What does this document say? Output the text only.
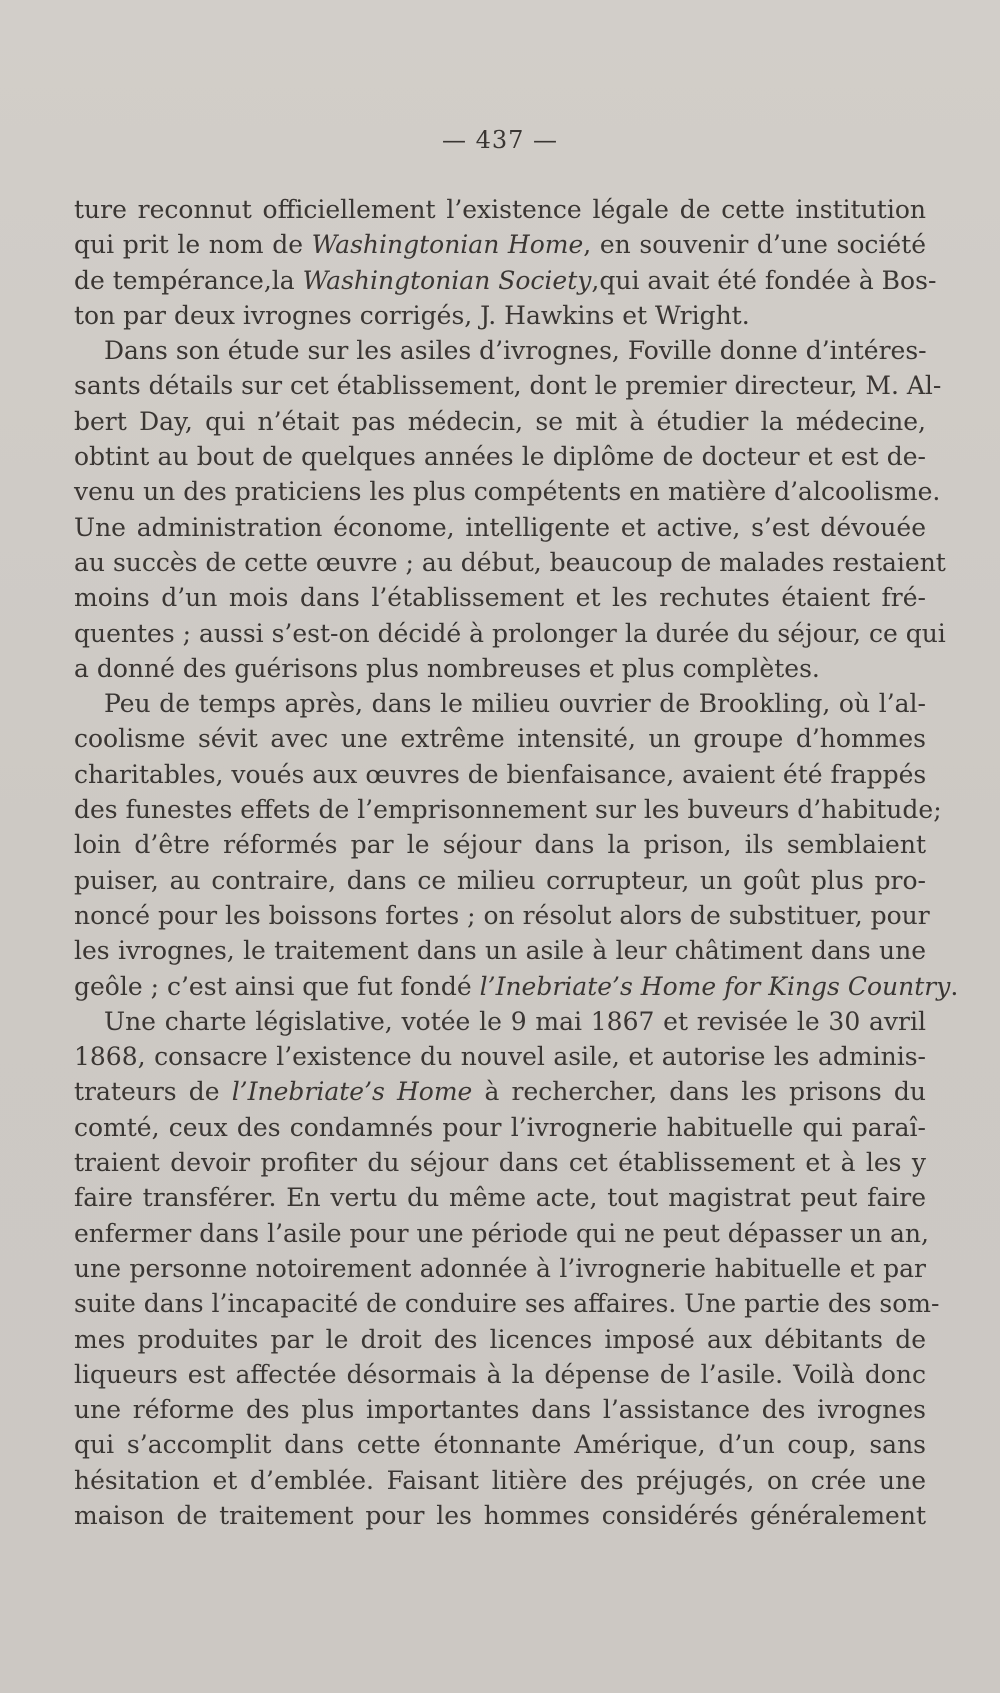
— 437 —
ture reconnut officiellement l’existence légale de cette institution
qui prit le nom de Washingtonian Home, en souvenir d’une société
de tempérance,la Washingtonian Society,qui avait été fondée à Bos-
ton par deux ivrognes corrigés, J. Hawkins et Wright.
Dans son étude sur les asiles d’ivrognes, Foville donne d’intéres-
sants détails sur cet établissement, dont le premier directeur, M. Al-
bert Day, qui n’était pas médecin, se mit à étudier la médecine,
obtint au bout de quelques années le diplôme de docteur et est de-
venu un des praticiens les plus compétents en matière d’alcoolisme.
Une administration économe, intelligente et active, s’est dévouée
au succès de cette œuvre ; au début, beaucoup de malades restaient
moins d’un mois dans l’établissement et les rechutes étaient fré-
quentes ; aussi s’est-on décidé à prolonger la durée du séjour, ce qui
a donné des guérisons plus nombreuses et plus complètes.
Peu de temps après, dans le milieu ouvrier de Brookling, où l’al-
coolisme sévit avec une extrême intensité, un groupe d’hommes
charitables, voués aux œuvres de bienfaisance, avaient été frappés
des funestes effets de l’emprisonnement sur les buveurs d’habitude;
loin d’être réformés par le séjour dans la prison, ils semblaient
puiser, au contraire, dans ce milieu corrupteur, un goût plus pro-
noncé pour les boissons fortes ; on résolut alors de substituer, pour
les ivrognes, le traitement dans un asile à leur châtiment dans une
geôle ; c’est ainsi que fut fondé l’Inebriate’s Home for Kings Country.
Une charte législative, votée le 9 mai 1867 et revisée le 30 avril
1868, consacre l’existence du nouvel asile, et autorise les adminis-
trateurs de l’Inebriate’s Home à rechercher, dans les prisons du
comté, ceux des condamnés pour l’ivrognerie habituelle qui paraî-
traient devoir profiter du séjour dans cet établissement et à les y
faire transférer. En vertu du même acte, tout magistrat peut faire
enfermer dans l’asile pour une période qui ne peut dépasser un an,
une personne notoirement adonnée à l’ivrognerie habituelle et par
suite dans l’incapacité de conduire ses affaires. Une partie des som-
mes produites par le droit des licences imposé aux débitants de
liqueurs est affectée désormais à la dépense de l’asile. Voilà donc
une réforme des plus importantes dans l’assistance des ivrognes
qui s’accomplit dans cette étonnante Amérique, d’un coup, sans
hésitation et d’emblée. Faisant litière des préjugés, on crée une
maison de traitement pour les hommes considérés généralement
